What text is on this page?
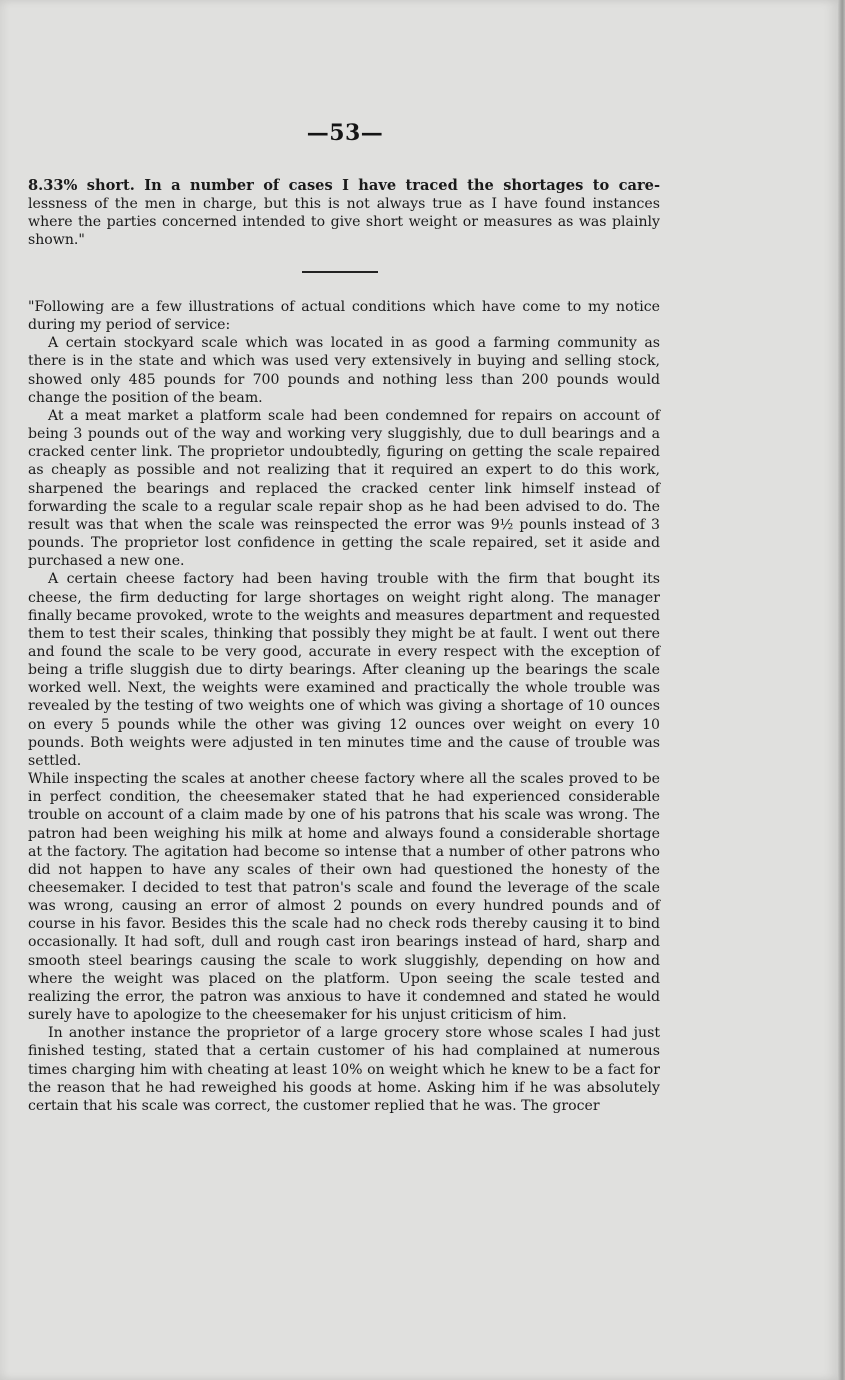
—53—

8.33% short. In a number of cases I have traced the shortages to care- lessness of the men in charge, but this is not always true as I have found instances where the parties concerned intended to give short weight or measures as was plainly shown."

"Following are a few illustrations of actual conditions which have come to my notice during my period of service:

A certain stockyard scale which was located in as good a farming community as there is in the state and which was used very extensively in buying and selling stock, showed only 485 pounds for 700 pounds and nothing less than 200 pounds would change the position of the beam.

At a meat market a platform scale had been condemned for repairs on account of being 3 pounds out of the way and working very sluggishly, due to dull bearings and a cracked center link. The proprietor undoubtedly, figuring on getting the scale repaired as cheaply as possible and not realizing that it required an expert to do this work, sharpened the bearings and replaced the cracked center link himself instead of forwarding the scale to a regular scale repair shop as he had been advised to do. The result was that when the scale was reinspected the error was 9½ pounls instead of 3 pounds. The proprietor lost confidence in getting the scale repaired, set it aside and purchased a new one.

A certain cheese factory had been having trouble with the firm that bought its cheese, the firm deducting for large shortages on weight right along. The manager finally became provoked, wrote to the weights and measures department and requested them to test their scales, thinking that possibly they might be at fault. I went out there and found the scale to be very good, accurate in every respect with the exception of being a trifle sluggish due to dirty bearings. After cleaning up the bearings the scale worked well. Next, the weights were examined and practically the whole trouble was revealed by the testing of two weights one of which was giving a shortage of 10 ounces on every 5 pounds while the other was giving 12 ounces over weight on every 10 pounds. Both weights were adjusted in ten minutes time and the cause of trouble was settled.

While inspecting the scales at another cheese factory where all the scales proved to be in perfect condition, the cheesemaker stated that he had experienced considerable trouble on account of a claim made by one of his patrons that his scale was wrong. The patron had been weighing his milk at home and always found a considerable shortage at the factory. The agitation had become so intense that a number of other patrons who did not happen to have any scales of their own had questioned the honesty of the cheesemaker. I decided to test that patron's scale and found the leverage of the scale was wrong, causing an error of almost 2 pounds on every hundred pounds and of course in his favor. Besides this the scale had no check rods thereby causing it to bind occasionally. It had soft, dull and rough cast iron bearings instead of hard, sharp and smooth steel bearings causing the scale to work sluggishly, depending on how and where the weight was placed on the platform. Upon seeing the scale tested and realizing the error, the patron was anxious to have it condemned and stated he would surely have to apologize to the cheesemaker for his unjust criticism of him.

In another instance the proprietor of a large grocery store whose scales I had just finished testing, stated that a certain customer of his had complained at numerous times charging him with cheating at least 10% on weight which he knew to be a fact for the reason that he had reweighed his goods at home. Asking him if he was absolutely certain that his scale was correct, the customer replied that he was. The grocer
